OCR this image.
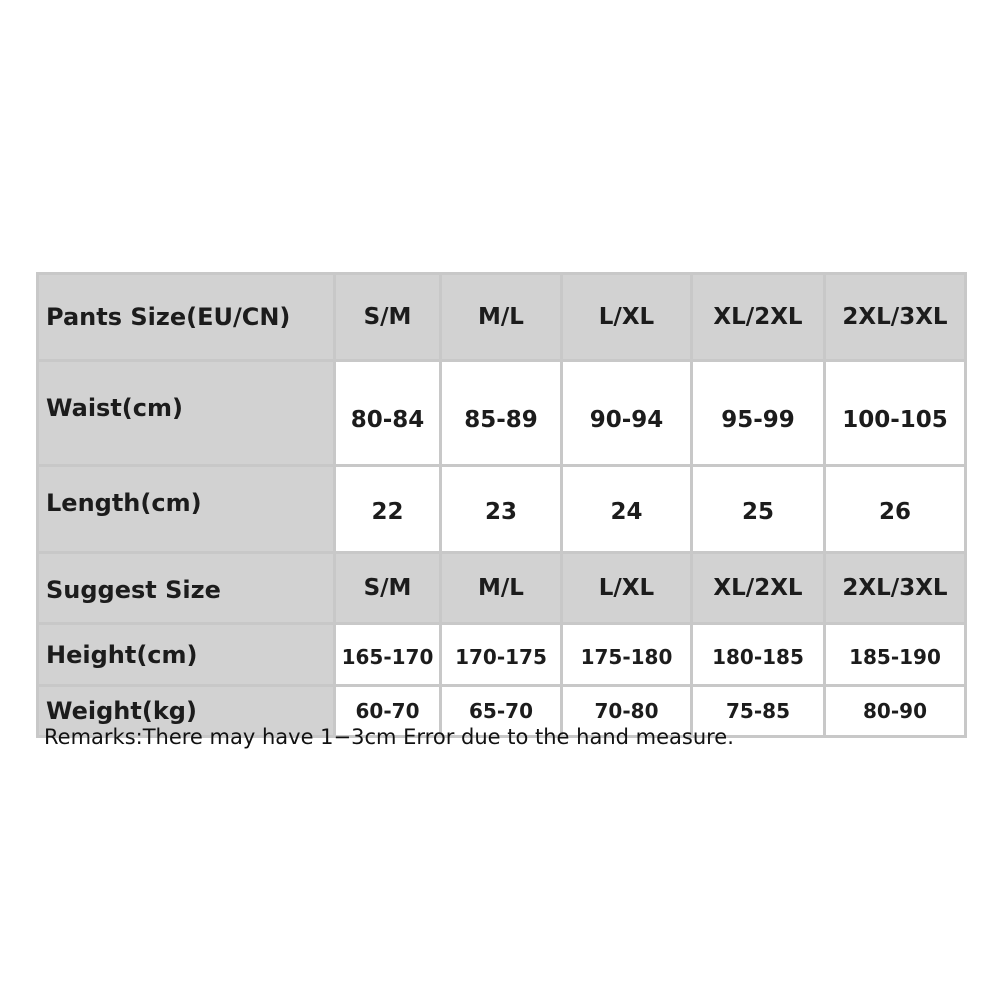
Pants Size(EU/CN)	S/M	M/L	L/XL	XL/2XL	2XL/3XL
Waist(cm)	80-84	85-89	90-94	95-99	100-105
Length(cm)	22	23	24	25	26
Suggest Size	S/M	M/L	L/XL	XL/2XL	2XL/3XL
Height(cm)	165-170	170-175	175-180	180-185	185-190
Weight(kg)	60-70	65-70	70-80	75-85	80-90
Remarks:There may have 1−3cm Error due to the hand measure.
